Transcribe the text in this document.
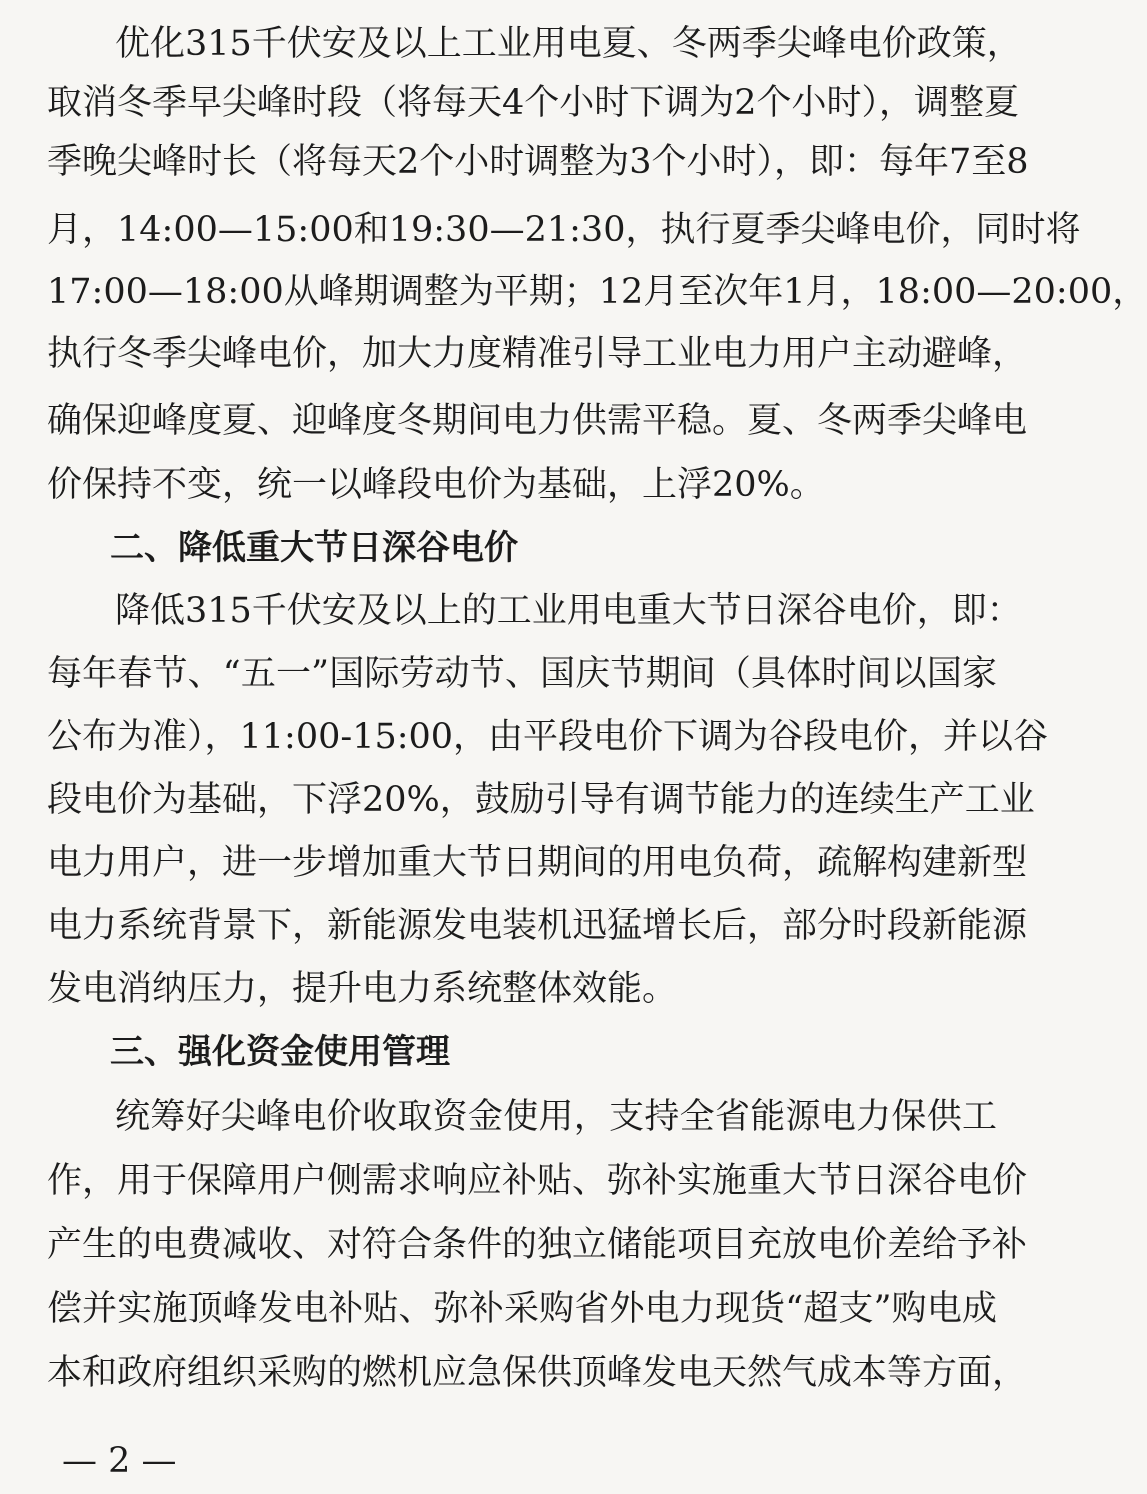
优化315千伏安及以上工业用电夏、冬两季尖峰电价政策，
取消冬季早尖峰时段（将每天4个小时下调为2个小时），调整夏
季晚尖峰时长（将每天2个小时调整为3个小时），即：每年7至8
月，14:00—15:00和19:30—21:30，执行夏季尖峰电价，同时将
17:00—18:00从峰期调整为平期；12月至次年1月，18:00—20:00，
执行冬季尖峰电价，加大力度精准引导工业电力用户主动避峰，
确保迎峰度夏、迎峰度冬期间电力供需平稳。夏、冬两季尖峰电
价保持不变，统一以峰段电价为基础，上浮20%。
二、降低重大节日深谷电价
降低315千伏安及以上的工业用电重大节日深谷电价，即：
每年春节、“五一”国际劳动节、国庆节期间（具体时间以国家
公布为准），11:00-15:00，由平段电价下调为谷段电价，并以谷
段电价为基础，下浮20%，鼓励引导有调节能力的连续生产工业
电力用户，进一步增加重大节日期间的用电负荷，疏解构建新型
电力系统背景下，新能源发电装机迅猛增长后，部分时段新能源
发电消纳压力，提升电力系统整体效能。
三、强化资金使用管理
统筹好尖峰电价收取资金使用，支持全省能源电力保供工
作，用于保障用户侧需求响应补贴、弥补实施重大节日深谷电价
产生的电费减收、对符合条件的独立储能项目充放电价差给予补
偿并实施顶峰发电补贴、弥补采购省外电力现货“超支”购电成
本和政府组织采购的燃机应急保供顶峰发电天然气成本等方面，
— 2 —
